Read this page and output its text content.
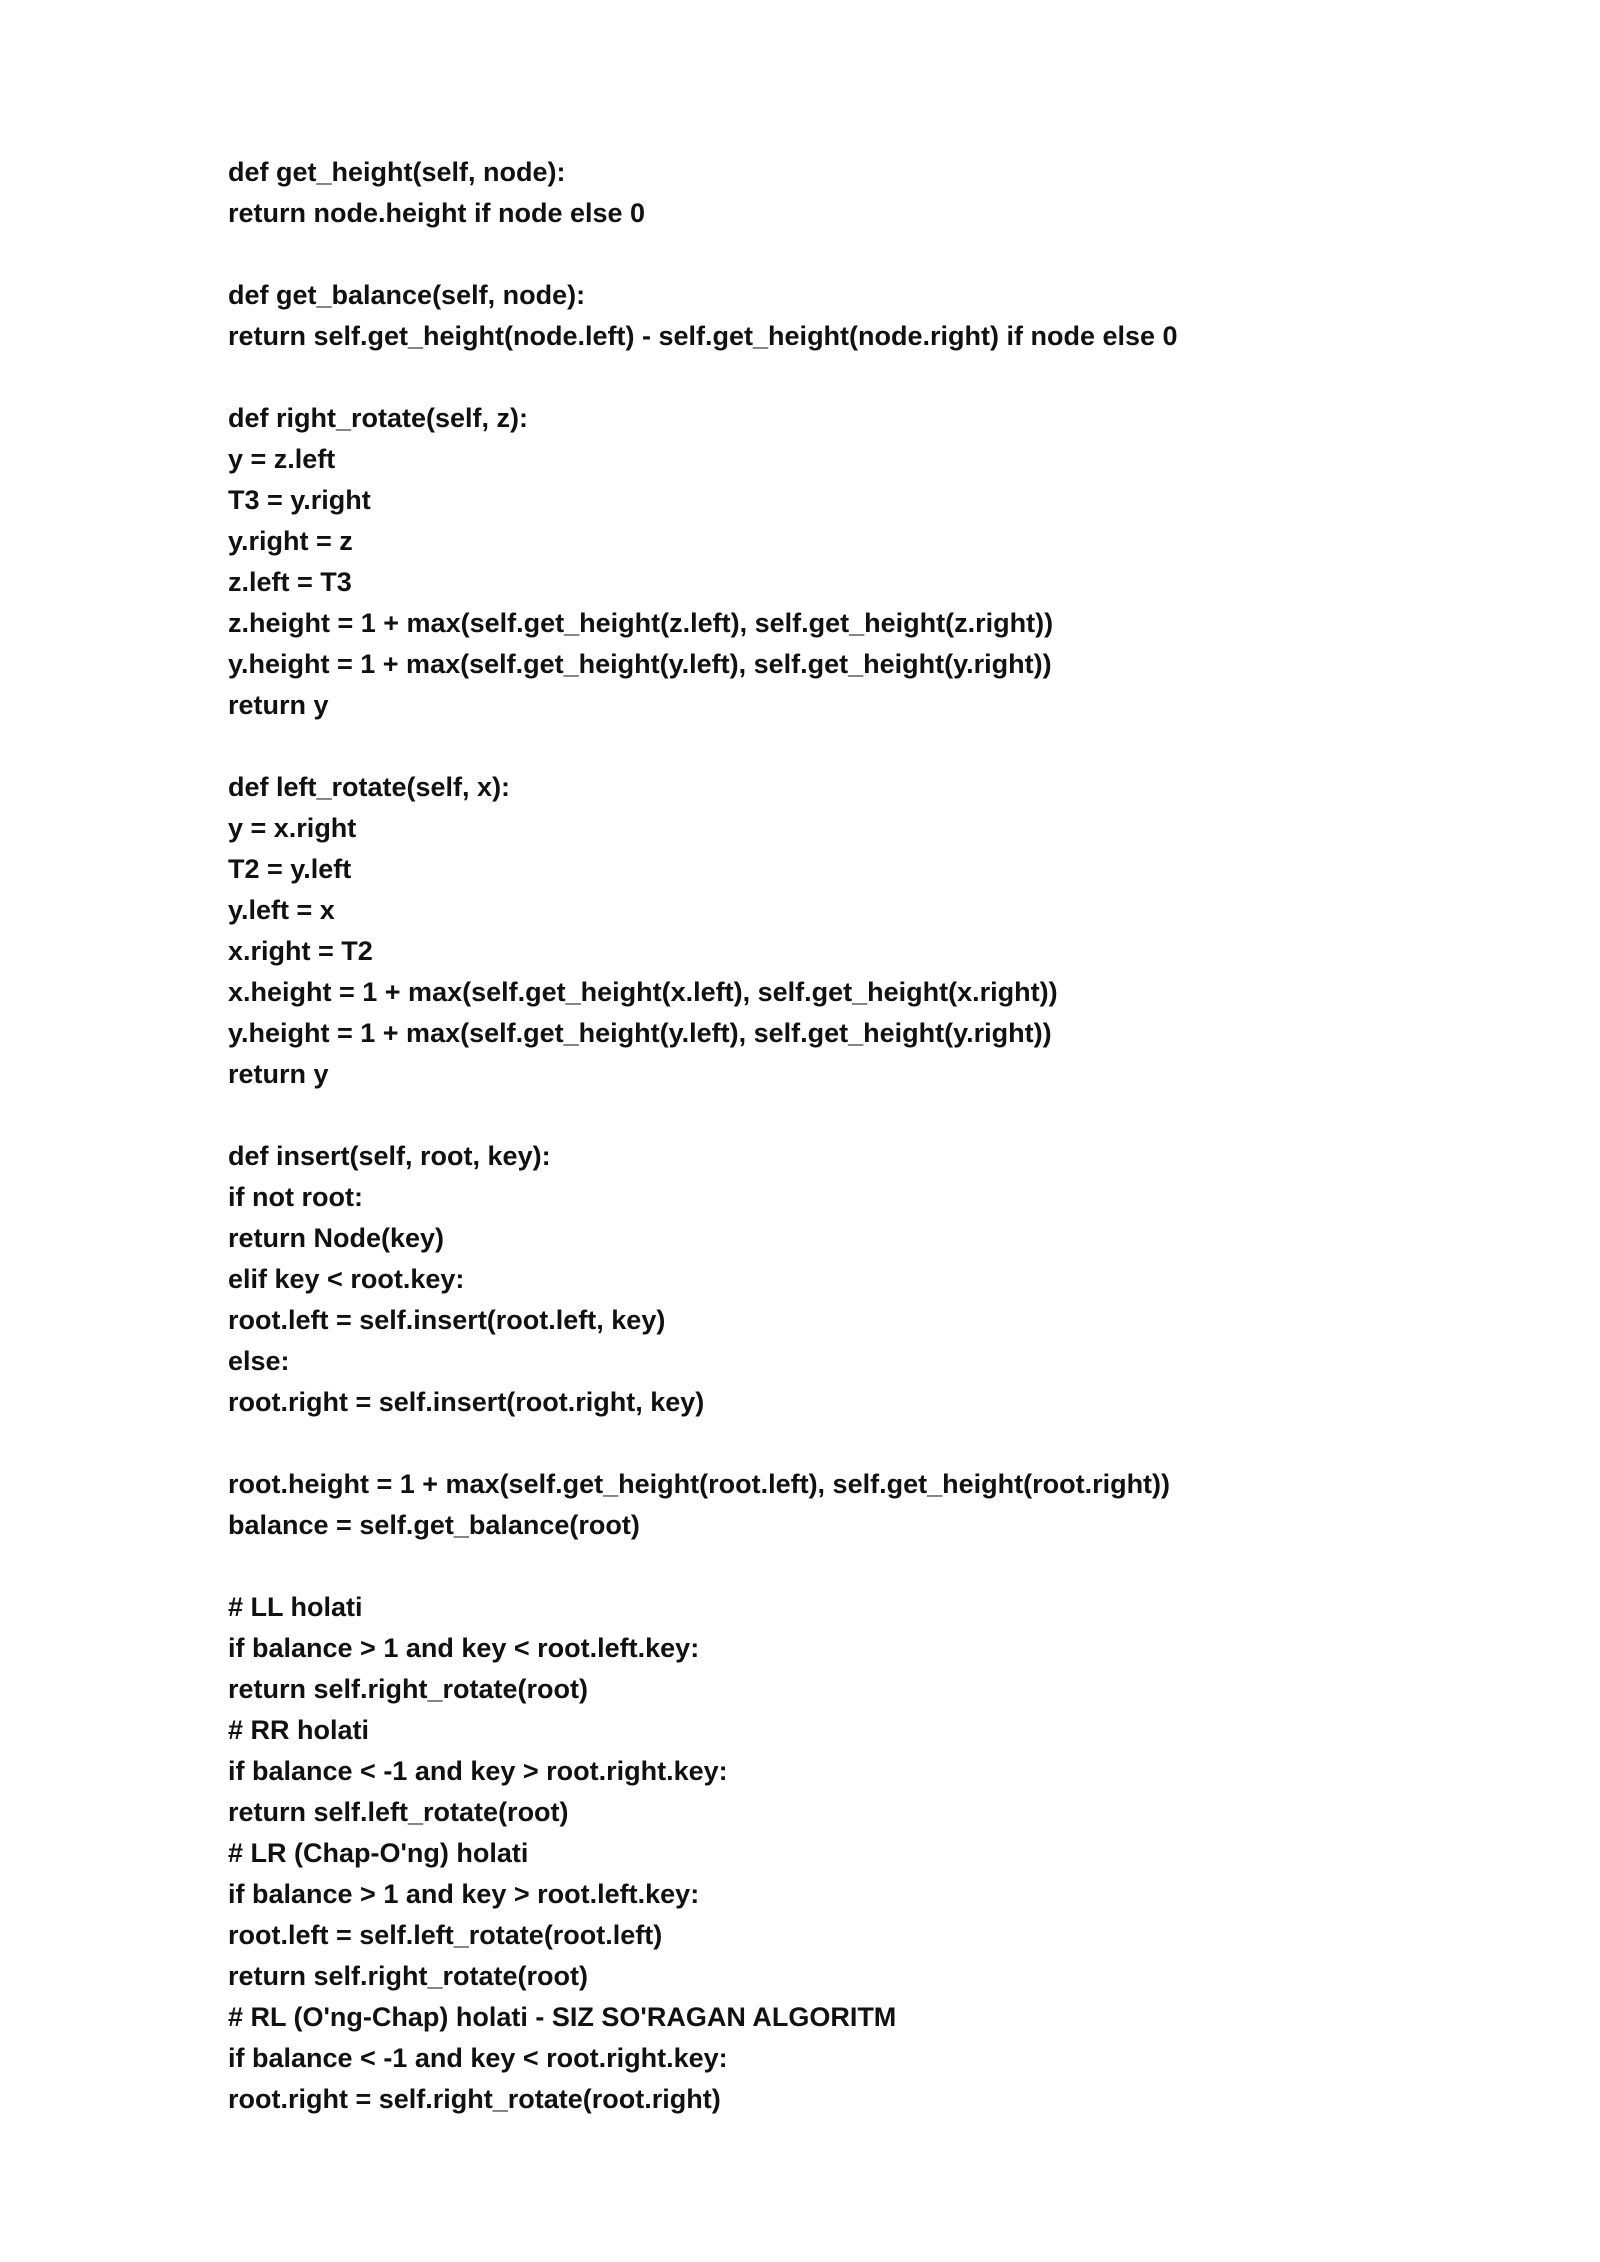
def get_height(self, node):
return node.height if node else 0
def get_balance(self, node):
return self.get_height(node.left) - self.get_height(node.right) if node else 0
def right_rotate(self, z):
y = z.left
T3 = y.right
y.right = z
z.left = T3
z.height = 1 + max(self.get_height(z.left), self.get_height(z.right))
y.height = 1 + max(self.get_height(y.left), self.get_height(y.right))
return y
def left_rotate(self, x):
y = x.right
T2 = y.left
y.left = x
x.right = T2
x.height = 1 + max(self.get_height(x.left), self.get_height(x.right))
y.height = 1 + max(self.get_height(y.left), self.get_height(y.right))
return y
def insert(self, root, key):
if not root:
return Node(key)
elif key < root.key:
root.left = self.insert(root.left, key)
else:
root.right = self.insert(root.right, key)
root.height = 1 + max(self.get_height(root.left), self.get_height(root.right))
balance = self.get_balance(root)
# LL holati
if balance > 1 and key < root.left.key:
return self.right_rotate(root)
# RR holati
if balance < -1 and key > root.right.key:
return self.left_rotate(root)
# LR (Chap-O'ng) holati
if balance > 1 and key > root.left.key:
root.left = self.left_rotate(root.left)
return self.right_rotate(root)
# RL (O'ng-Chap) holati - SIZ SO'RAGAN ALGORITM
if balance < -1 and key < root.right.key:
root.right = self.right_rotate(root.right)
